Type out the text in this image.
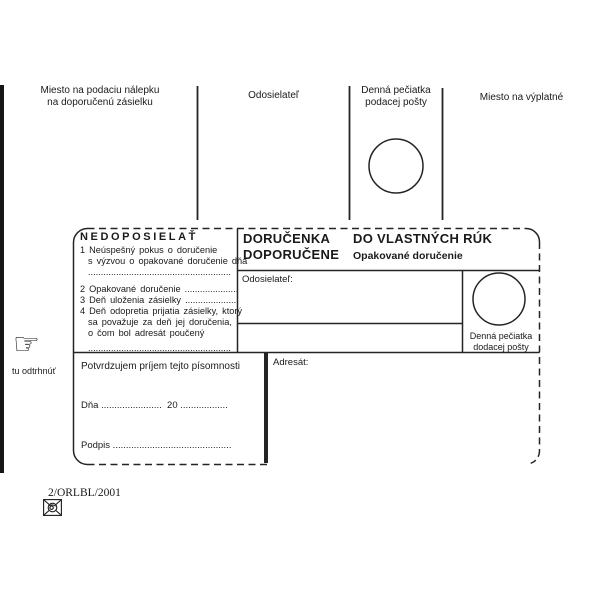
Miesto na podaciu nálepku
na doporučenú zásielku
Odosielateľ	Denná pečiatka
podacej pošty	Miesto na výplatné
NEDOPOSIELAŤ
1 Neúspešný pokus o doručenie
s výzvou o opakované doručenie dňa
........................................................
2 Opakované doručenie .....................
3 Deň uloženia zásielky ....................
4 Deň odopretia prijatia zásielky, ktorý
sa považuje za deň jej doručenia,
o čom bol adresát poučený
........................................................
DORUČENKA DO VLASTNÝCH RÚK
DOPORUČENE Opakované doručenie
Odosielateľ:
Adresát:
Denná pečiatka
dodacej pošty
Potvrdzujem príjem tejto písomnosti
Dňa .......................  20 ..................
Podpis .............................................
☞
tu odtrhnúť

2/ORLBL/2001
